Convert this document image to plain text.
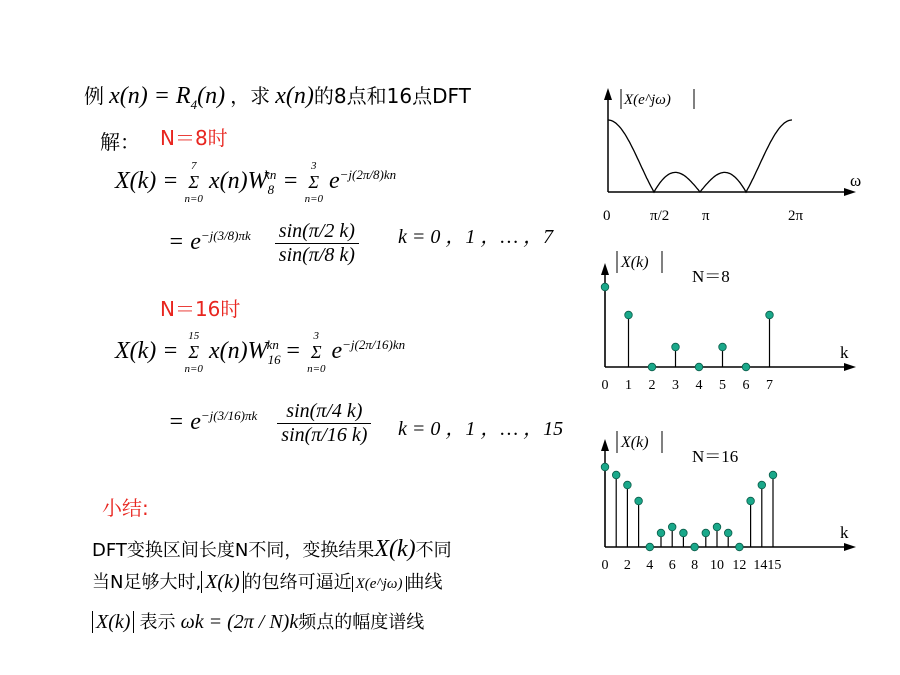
例 $x(n) = R_4(n)$ ，求 x(n)的8点和16点DFT
解： N＝8时
X(k) =
7
Σ
n=0
$x(n)W_8^{kn}$ =
3
Σ
n=0
$e^{-j(2\pi/8)kn}$
= $e^{-j(3/8)\pi k} \frac{\sin(\pi/2 k)}{\sin(\pi/8 k)}$ k = 0 ，1 ，… ，7
N＝16时
X(k) =
15
Σ
n=0
$x(n)W_{16}^{kn}$ =
3
Σ
n=0
$e^{-j(2\pi/16)kn}$
= $e^{-j(3/16)\pi k} \frac{\sin(\pi/4 k)}{\sin(\pi/16 k)}$ k = 0 ，1 ，… ，15
小结:
DFT变换区间长度N不同，变换结果X(k)不同
当N足够大时, X(k) 的包络可逼近 X(e^jω) 曲线
X(k) 表示 ωk = (2π / N)k频点的幅度谱线
X(e^jω)
ω
0	π/2 π	2π
X(k)
N＝8
k
0 1 2 3 4 5 6 7
X(k)
N＝16
k
0 2 4 6 8 10 12 1415
